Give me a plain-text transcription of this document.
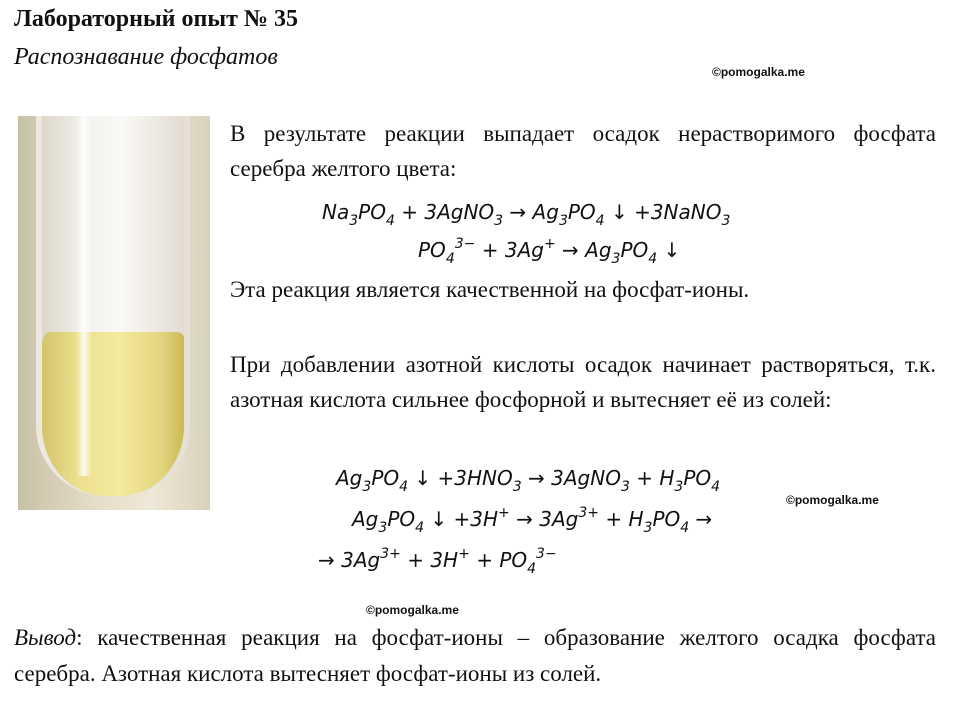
Лабораторный опыт № 35
Распознавание фосфатов
©pomogalka.me

В результате реакции выпадает осадок нерастворимого фосфата серебра желтого цвета:

$Na_3PO_4$ + 3AgNO$_3$ → $Ag_3PO_4$ ↓ +3NaNO$_3$
$PO_4^{3-} + 3Ag^+ \to Ag_3PO_4$ ↓

Эта реакция является качественной на фосфат-ионы.

При добавлении азотной кислоты осадок начинает растворяться, т.к. азотная кислота сильнее фосфорной и вытесняет её из солей:

$Ag_3PO_4$ ↓ $+3HNO_3$ → 3AgNO$_3$ + $H_3PO_4$
©pomogalka.me
$Ag_3PO_4$ ↓ $+3H^+ \to 3Ag^{3+} + H_3PO_4$ →
→ $3Ag^{3+} + 3H^+ + PO_4^{3-}$
©pomogalka.me

Вывод: качественная реакция на фосфат-ионы – образование желтого осадка фосфата серебра. Азотная кислота вытесняет фосфат-ионы из солей.
